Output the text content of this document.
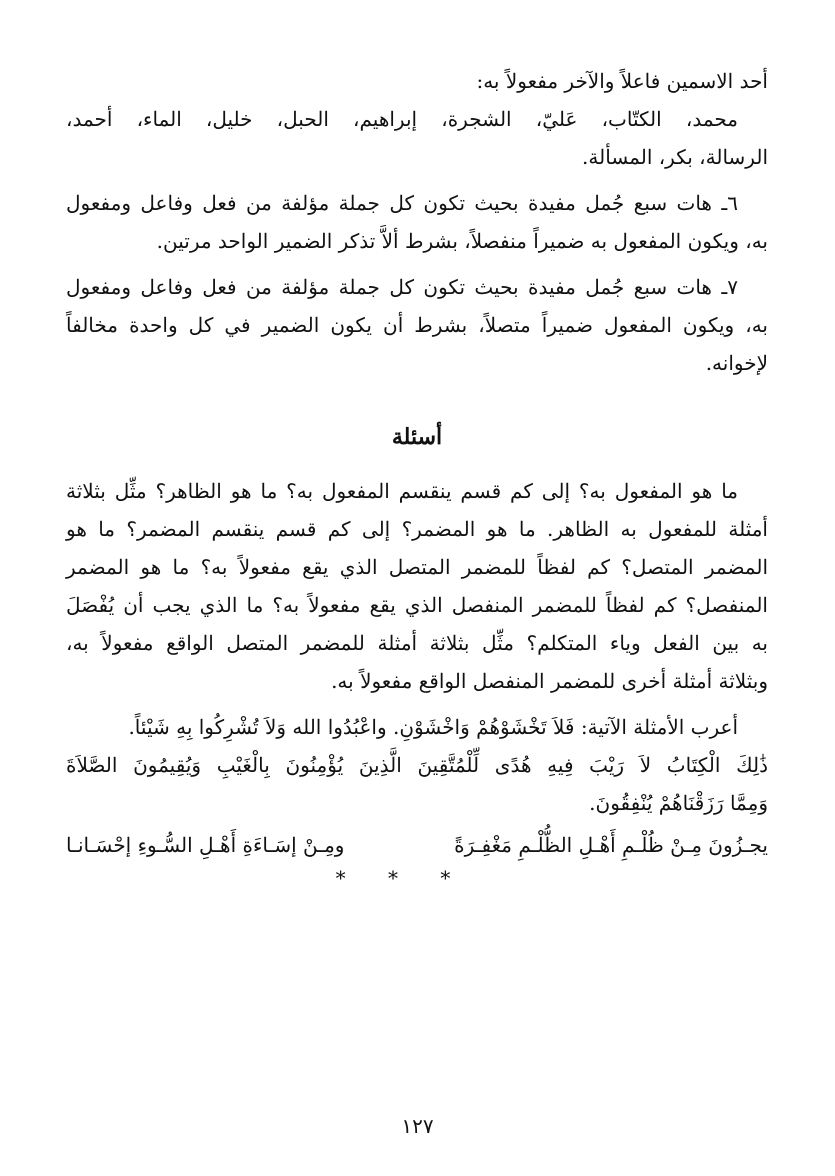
أحد الاسمين فاعلاً والآخر مفعولاً به:
محمد، الكتّاب، عَليّ، الشجرة، إبراهيم، الحبل، خليل، الماء، أحمد،
الرسالة، بكر، المسألة.
٦ـ هات سبع جُمل مفيدة بحيث تكون كل جملة مؤلفة من فعل وفاعل ومفعول
به، ويكون المفعول به ضميراً منفصلاً، بشرط ألاَّ تذكر الضمير الواحد مرتين.
٧ـ هات سبع جُمل مفيدة بحيث تكون كل جملة مؤلفة من فعل وفاعل ومفعول
به، ويكون المفعول ضميراً متصلاً، بشرط أن يكون الضمير في كل واحدة مخالفاً
لإخوانه.
أسئلة
ما هو المفعول به؟ إلى كم قسم ينقسم المفعول به؟ ما هو الظاهر؟ مثِّل بثلاثة
أمثلة للمفعول به الظاهر. ما هو المضمر؟ إلى كم قسم ينقسم المضمر؟ ما هو
المضمر المتصل؟ كم لفظاً للمضمر المتصل الذي يقع مفعولاً به؟ ما هو المضمر
المنفصل؟ كم لفظاً للمضمر المنفصل الذي يقع مفعولاً به؟ ما الذي يجب أن يُفْصَلَ
به بين الفعل وياء المتكلم؟ مثِّل بثلاثة أمثلة للمضمر المتصل الواقع مفعولاً به،
وبثلاثة أمثلة أخرى للمضمر المنفصل الواقع مفعولاً به.
أعرب الأمثلة الآتية: فَلاَ تَخْشَوْهُمْ وَاخْشَوْنِ. واعْبُدُوا الله وَلاَ تُشْرِكُوا بِهِ شَيْئاً.
ذَٰلِكَ الْكِتَابُ لاَ رَيْبَ فِيهِ هُدًى لِّلْمُتَّقِينَ الَّذِينَ يُؤْمِنُونَ بِالْغَيْبِ وَيُقِيمُونَ الصَّلاَةَ
وَمِمَّا رَزَقْنَاهُمْ يُنْفِقُونَ.
يجـزُونَ مِـنْ ظُلْـمِ أَهْـلِ الظُّلْـمِ مَغْفِـرَةً
ومِـنْ إسَـاءَةِ أَهْـلِ السُّـوءِ إحْسَـانـا
* * *
١٢٧
